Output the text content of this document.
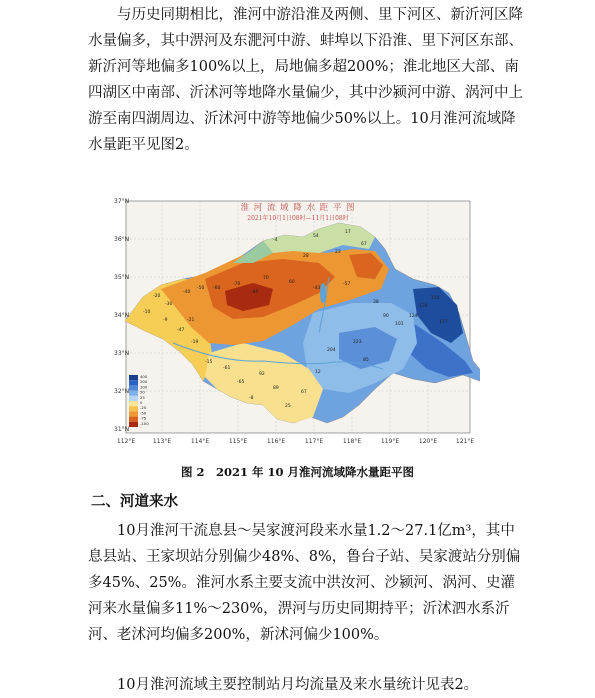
与历史同期相比，淮河中游沿淮及两侧、里下河区、新沂河区降水量偏多，其中淠河及东淝河中游、蚌埠以下沿淮、里下河区东部、新沂河等地偏多100%以上，局地偏多超200%；淮北地区大部、南四湖区中南部、沂沭河等地降水量偏少，其中沙颍河中游、涡河中上游至南四湖周边、沂沭河中游等地偏少50%以上。10月淮河流域降水量距平见图2。

37°N
36°N
35°N
34°N
33°N
32°N
31°N
112°E	113°E	114°E	115°E	116°E	117°E	118°E	119°E	120°E	121°E
淮 河 流 域 降 水 距 平 图
2021年10月1日08时—11月1日08时
400
200
100
50
25
0
-25
-50
-75
-100
-20
-10
-30
-40
-50 -60
-70
-80
-9
-47
-19
-4
54
17
67
23
28
38
90
101
124
130
150
177
204
223
85
12
67
25
89
92
70
60
-43
-57
-61
-65
-15
-8
-21
图 2　2021 年 10 月淮河流域降水量距平图
二、河道来水

10月淮河干流息县～吴家渡河段来水量1.2～27.1亿m³，其中息县站、王家坝站分别偏少48%、8%，鲁台子站、吴家渡站分别偏多45%、25%。淮河水系主要支流中洪汝河、沙颍河、涡河、史灌河来水量偏多11%～230%，淠河与历史同期持平；沂沭泗水系沂河、老沭河均偏多200%，新沭河偏少100%。

10月淮河流域主要控制站月均流量及来水量统计见表2。
